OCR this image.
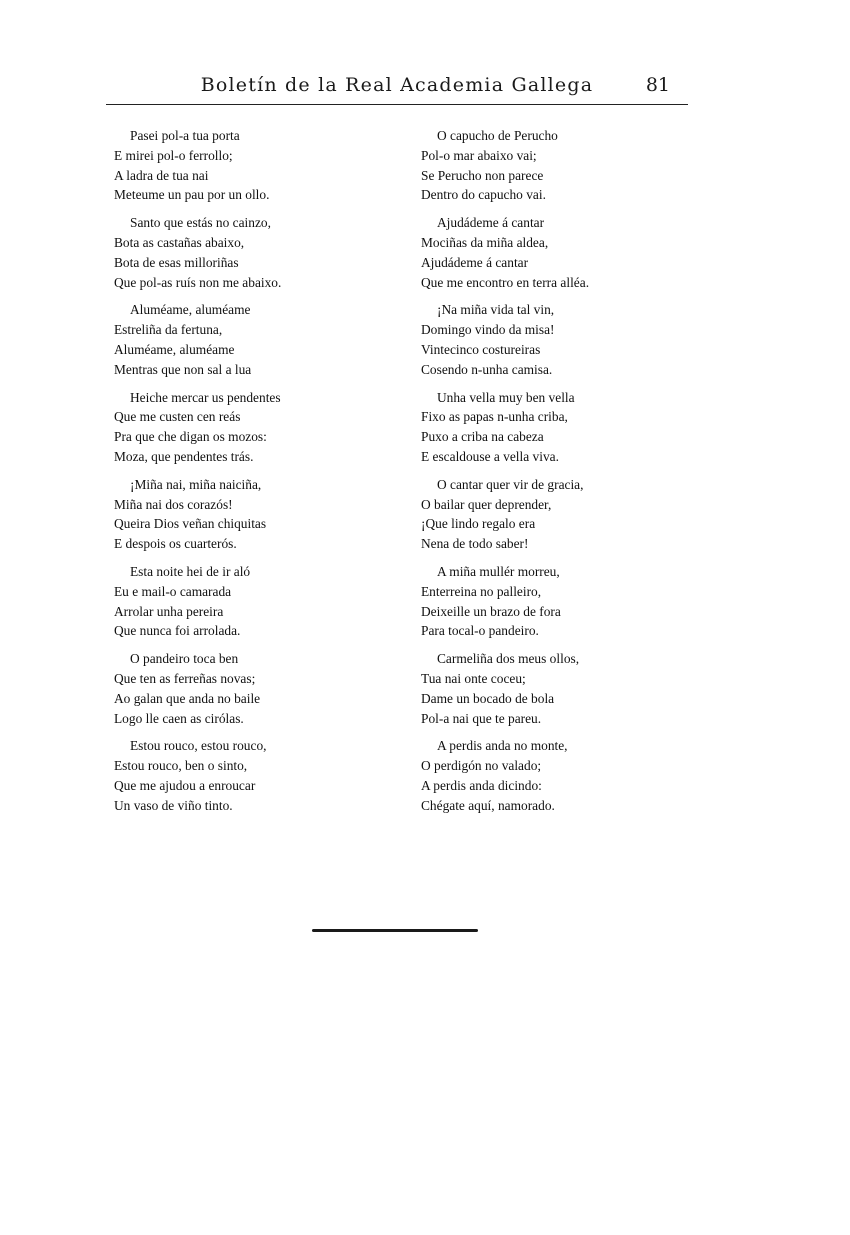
Boletín de la Real Academia Gallega	81
Pasei pol-a tua porta
E mirei pol-o ferrollo;
A ladra de tua nai
Meteume un pau por un ollo.
Santo que estás no cainzo,
Bota as castañas abaixo,
Bota de esas milloriñas
Que pol-as ruís non me abaixo.
Aluméame, aluméame
Estreliña da fertuna,
Aluméame, aluméame
Mentras que non sal a lua
Heiche mercar us pendentes
Que me custen cen reás
Pra que che digan os mozos:
Moza, que pendentes trás.
¡Miña nai, miña naiciña,
Miña nai dos corazós!
Queira Dios veñan chiquitas
E despois os cuarterós.
Esta noite hei de ir aló
Eu e mail-o camarada
Arrolar unha pereira
Que nunca foi arrolada.
O pandeiro toca ben
Que ten as ferreñas novas;
Ao galan que anda no baile
Logo lle caen as cirólas.
Estou rouco, estou rouco,
Estou rouco, ben o sinto,
Que me ajudou a enroucar
Un vaso de viño tinto.
O capucho de Perucho
Pol-o mar abaixo vai;
Se Perucho non parece
Dentro do capucho vai.
Ajudádeme á cantar
Mociñas da miña aldea,
Ajudádeme á cantar
Que me encontro en terra alléa.
¡Na miña vida tal vin,
Domingo vindo da misa!
Vintecinco costureiras
Cosendo n-unha camisa.
Unha vella muy ben vella
Fixo as papas n-unha criba,
Puxo a criba na cabeza
E escaldouse a vella viva.
O cantar quer vir de gracia,
O bailar quer deprender,
¡Que lindo regalo era
Nena de todo saber!
A miña mullér morreu,
Enterreina no palleiro,
Deixeille un brazo de fora
Para tocal-o pandeiro.
Carmeliña dos meus ollos,
Tua nai onte coceu;
Dame un bocado de bola
Pol-a nai que te pareu.
A perdis anda no monte,
O perdigón no valado;
A perdis anda dicindo:
Chégate aquí, namorado.
